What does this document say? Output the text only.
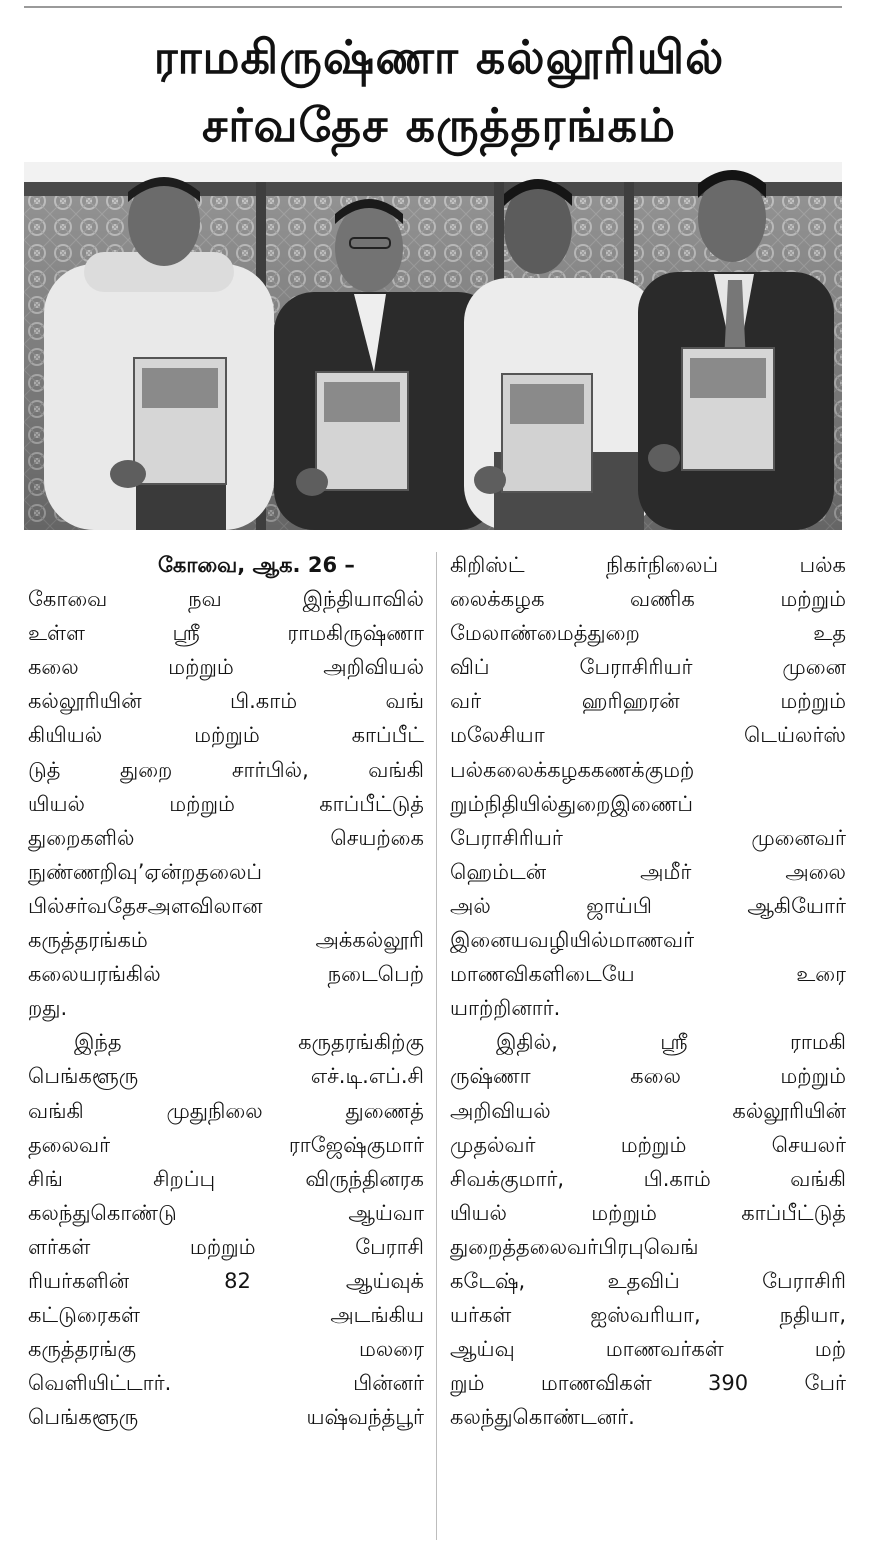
ராமகிருஷ்ணா கல்லூரியில்
சர்வதேச கருத்தரங்கம்
கோவை, ஆக. 26 –
கோவை நவ இந்தியாவில்
உள்ள ஸ்ரீ ராமகிருஷ்ணா
கலை மற்றும் அறிவியல்
கல்லூரியின் பி.காம் வங்
கியியல் மற்றும் காப்பீட்
டுத் துறை சார்பில், வங்கி
யியல் மற்றும் காப்பீட்டுத்
துறைகளில் செயற்கை
நுண்ணறிவு’ஏன்றதலைப்
பில்சர்வதேசஅளவிலான
கருத்தரங்கம் அக்கல்லூரி
கலையரங்கில் நடைபெற்
றது.
இந்த கருதரங்கிற்கு
பெங்களூரு எச்.டி.எப்.சி
வங்கி முதுநிலை துணைத்
தலைவர் ராஜேஷ்குமார்
சிங் சிறப்பு விருந்தினரக
கலந்துகொண்டு ஆய்வா
ளர்கள் மற்றும் பேராசி
ரியர்களின் 82 ஆய்வுக்
கட்டுரைகள் அடங்கிய
கருத்தரங்கு மலரை
வெளியிட்டார். பின்னர்
பெங்களூரு யஷ்வந்த்பூர்
கிறிஸ்ட் நிகர்நிலைப் பல்க
லைக்கழக வணிக மற்றும்
மேலாண்மைத்துறை உத
விப் பேராசிரியர் முனை
வர் ஹரிஹரன் மற்றும்
மலேசியா டெய்லர்ஸ்
பல்கலைக்கழககணக்குமற்
றும்நிதியில்துறைஇணைப்
பேராசிரியர் முனைவர்
ஹெம்டன் அமீர் அலை
அல் ஜாய்பி ஆகியோர்
இனையவழியில்மாணவர்
மாணவிகளிடையே உரை
யாற்றினார்.
இதில், ஸ்ரீ ராமகி
ருஷ்ணா கலை மற்றும்
அறிவியல் கல்லூரியின்
முதல்வர் மற்றும் செயலர்
சிவக்குமார், பி.காம் வங்கி
யியல் மற்றும் காப்பீட்டுத்
துறைத்தலைவர்பிரபுவெங்
கடேஷ், உதவிப் பேராசிரி
யர்கள் ஐஸ்வரியா, நதியா,
ஆய்வு மாணவர்கள் மற்
றும் மாணவிகள் 390 பேர்
கலந்துகொண்டனர்.
